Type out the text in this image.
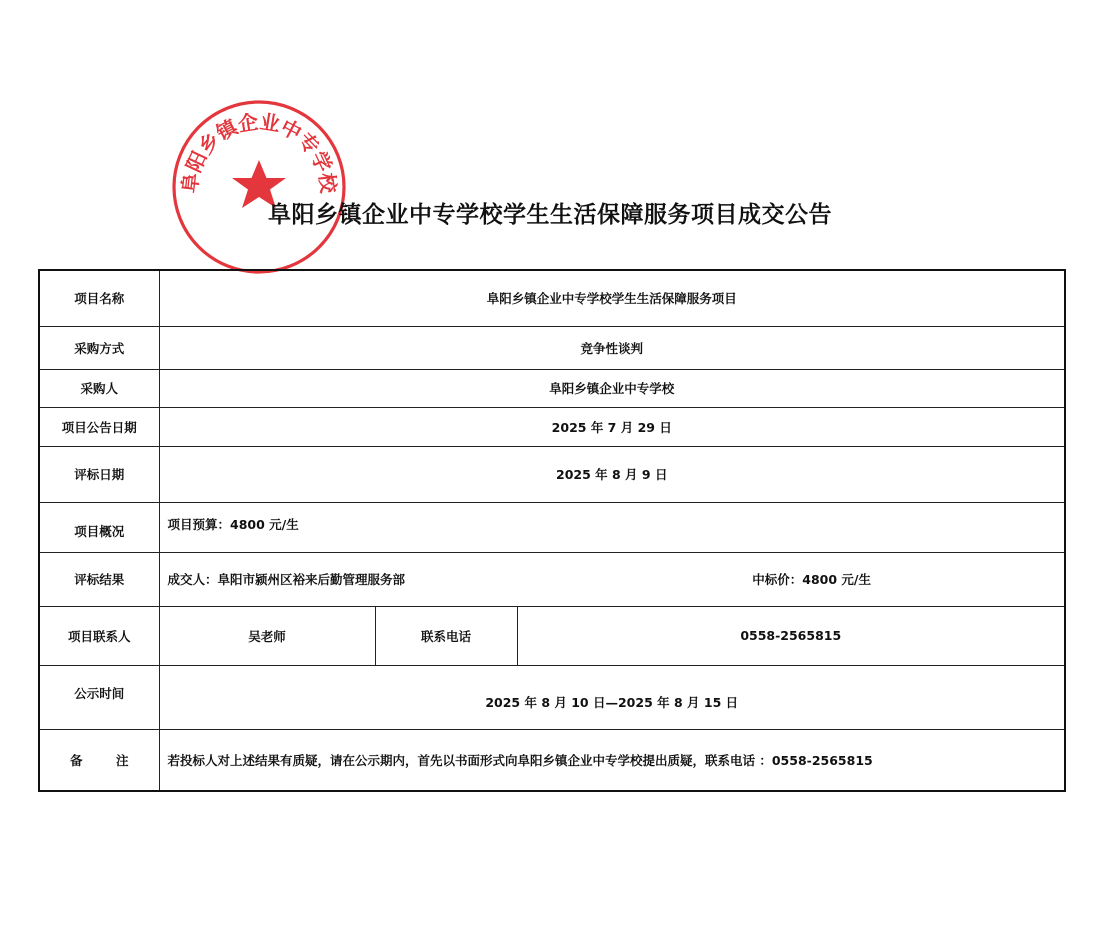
阜阳乡镇企业中专学校
阜阳乡镇企业中专学校学生生活保障服务项目成交公告
项目名称	阜阳乡镇企业中专学校学生生活保障服务项目		
采购方式	竞争性谈判		
采购人	阜阳乡镇企业中专学校		
项目公告日期	2025 年 7 月 29 日		
评标日期	2025 年 8 月 9 日		
项目概况	项目预算：4800 元/生		
评标结果	成交人：阜阳市颍州区裕来后勤管理服务部 中标价：4800 元/生		

项目联系人	吴老师	联系电话	0558-2565815
公示时间	2025 年 8 月 10 日—2025 年 8 月 15 日		
备 注	若投标人对上述结果有质疑，请在公示期内，首先以书面形式向阜阳乡镇企业中专学校提出质疑，联系电话 ：0558-2565815		
